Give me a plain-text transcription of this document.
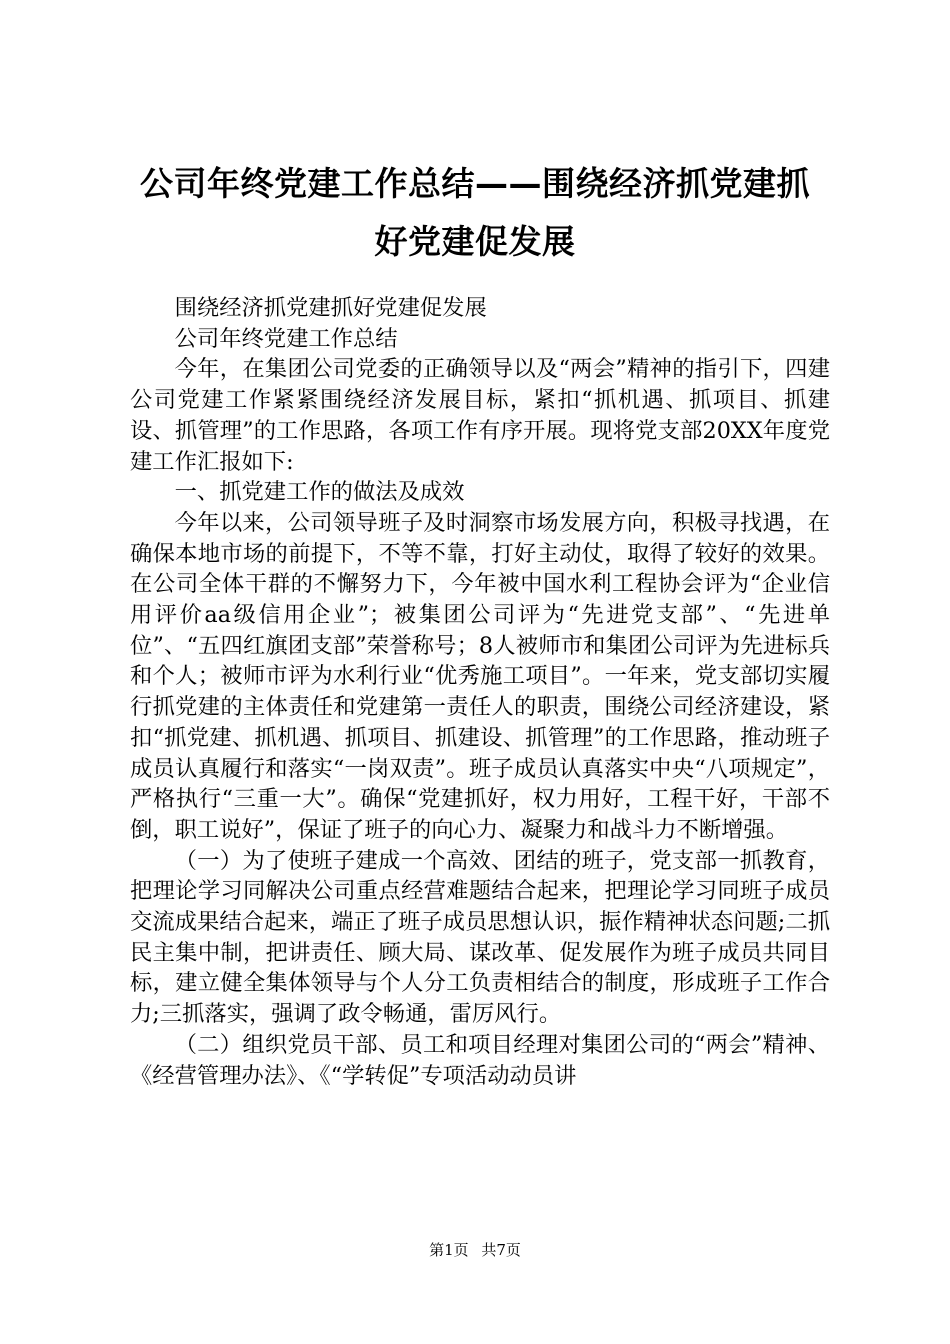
公司年终党建工作总结——围绕经济抓党建抓
好党建促发展

围绕经济抓党建抓好党建促发展

公司年终党建工作总结

今年，在集团公司党委的正确领导以及“两会”精神的指引下，四建公司党建工作紧紧围绕经济发展目标，紧扣“抓机遇、抓项目、抓建设、抓管理”的工作思路，各项工作有序开展。现将党支部20XX年度党建工作汇报如下:

一、抓党建工作的做法及成效

今年以来，公司领导班子及时洞察市场发展方向，积极寻找遇，在确保本地市场的前提下，不等不靠，打好主动仗，取得了较好的效果。在公司全体干群的不懈努力下，今年被中国水利工程协会评为“企业信用评价aa级信用企业”；被集团公司评为“先进党支部”、“先进单位”、“五四红旗团支部”荣誉称号；8人被师市和集团公司评为先进标兵和个人；被师市评为水利行业“优秀施工项目”。一年来，党支部切实履行抓党建的主体责任和党建第一责任人的职责，围绕公司经济建设，紧扣“抓党建、抓机遇、抓项目、抓建设、抓管理”的工作思路，推动班子成员认真履行和落实“一岗双责”。班子成员认真落实中央“八项规定”，严格执行“三重一大”。确保“党建抓好，权力用好，工程干好，干部不倒，职工说好”，保证了班子的向心力、凝聚力和战斗力不断增强。

（一）为了使班子建成一个高效、团结的班子，党支部一抓教育，把理论学习同解决公司重点经营难题结合起来，把理论学习同班子成员交流成果结合起来，端正了班子成员思想认识，振作精神状态问题;二抓民主集中制，把讲责任、顾大局、谋改革、促发展作为班子成员共同目标，建立健全集体领导与个人分工负责相结合的制度，形成班子工作合力;三抓落实，强调了政令畅通，雷厉风行。

（二）组织党员干部、员工和项目经理对集团公司的“两会”精神、《经营管理办法》、《“学转促”专项活动动员讲

第1页 共7页
